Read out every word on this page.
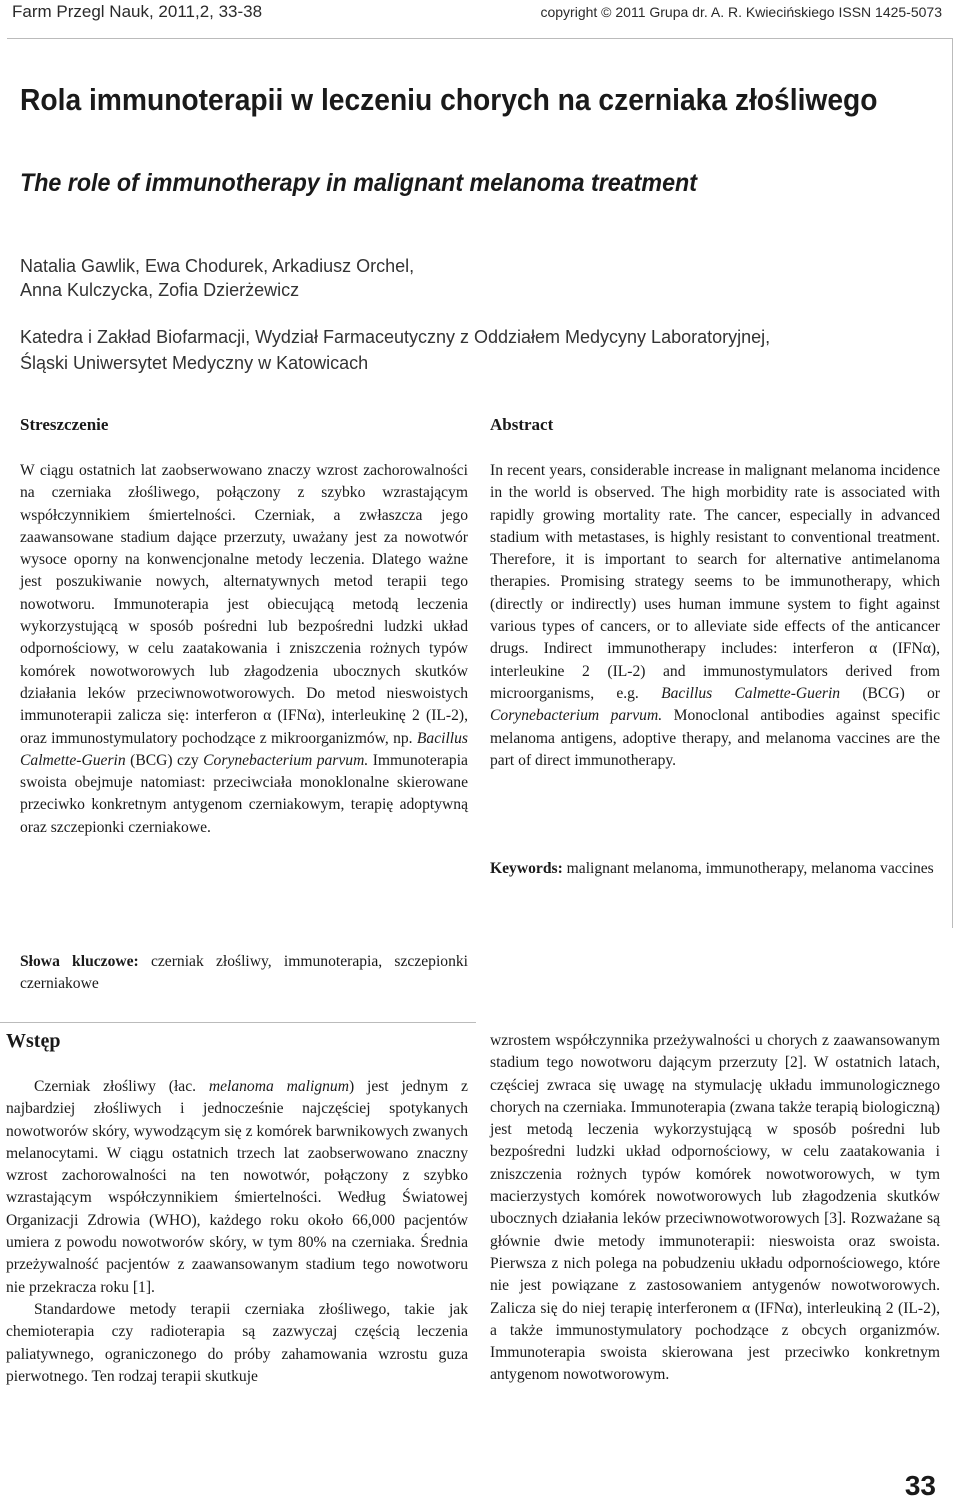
Farm Przegl Nauk, 2011,2, 33-38	copyright © 2011 Grupa dr. A. R. Kwiecińskiego ISSN 1425-5073
Rola immunoterapii w leczeniu chorych na czerniaka złośliwego
The role of immunotherapy in malignant melanoma treatment
Natalia Gawlik, Ewa Chodurek, Arkadiusz Orchel,
Anna Kulczycka, Zofia Dzierżewicz
Katedra i Zakład Biofarmacji, Wydział Farmaceutyczny z Oddziałem Medycyny Laboratoryjnej,
Śląski Uniwersytet Medyczny w Katowicach
Streszczenie

W ciągu ostatnich lat zaobserwowano znaczy wzrost zachorowalności na czerniaka złośliwego, połączony z szybko wzrastającym współczynnikiem śmiertelności. Czerniak, a zwłaszcza jego zaawansowane stadium dające przerzuty, uważany jest za nowotwór wysoce oporny na konwencjonalne metody leczenia. Dlatego ważne jest poszukiwanie nowych, alternatywnych metod terapii tego nowotworu. Immunoterapia jest obiecującą metodą leczenia wykorzystującą w sposób pośredni lub bezpośredni ludzki układ odpornościowy, w celu zaatakowania i zniszczenia rożnych typów komórek nowotworowych lub złagodzenia ubocznych skutków działania leków przeciwnowotworowych. Do metod nieswoistych immunoterapii zalicza się: interferon α (IFNα), interleukinę 2 (IL-2), oraz immunostymulatory pochodzące z mikroorganizmów, np. Bacillus Calmette-Guerin (BCG) czy Corynebacterium parvum. Immunoterapia swoista obejmuje natomiast: przeciwciała monoklonalne skierowane przeciwko konkretnym antygenom czerniakowym, terapię adoptywną oraz szczepionki czerniakowe.

Słowa kluczowe: czerniak złośliwy, immunoterapia, szczepionki czerniakowe

Abstract

In recent years, considerable increase in malignant melanoma incidence in the world is observed. The high morbidity rate is associated with rapidly growing mortality rate. The cancer, especially in advanced stadium with metastases, is highly resistant to conventional treatment. Therefore, it is important to search for alternative antimelanoma therapies. Promising strategy seems to be immunotherapy, which (directly or indirectly) uses human immune system to fight against various types of cancers, or to alleviate side effects of the anticancer drugs. Indirect immunotherapy includes: interferon α (IFNα), interleukine 2 (IL-2) and immunostymulators derived from microorganisms, e.g. Bacillus Calmette-Guerin (BCG) or Corynebacterium parvum. Monoclonal antibodies against specific melanoma antigens, adoptive therapy, and melanoma vaccines are the part of direct immunotherapy.

Keywords: malignant melanoma, immunotherapy, melanoma vaccines

Wstęp

Czerniak złośliwy (łac. melanoma malignum) jest jednym z najbardziej złośliwych i jednocześnie najczęściej spotykanych nowotworów skóry, wywodzącym się z komórek barwnikowych zwanych melanocytami. W ciągu ostatnich trzech lat zaobserwowano znaczny wzrost zachorowalności na ten nowotwór, połączony z szybko wzrastającym współczynnikiem śmiertelności. Według Światowej Organizacji Zdrowia (WHO), każdego roku około 66,000 pacjentów umiera z powodu nowotworów skóry, w tym 80% na czerniaka. Średnia przeżywalność pacjentów z zaawansowanym stadium tego nowotworu nie przekracza roku [1].

Standardowe metody terapii czerniaka złośliwego, takie jak chemioterapia czy radioterapia są zazwyczaj częścią leczenia paliatywnego, ograniczonego do próby zahamowania wzrostu guza pierwotnego. Ten rodzaj terapii skutkuje

wzrostem współczynnika przeżywalności u chorych z zaawansowanym stadium tego nowotworu dającym przerzuty [2]. W ostatnich latach, częściej zwraca się uwagę na stymulację układu immunologicznego chorych na czerniaka. Immunoterapia (zwana także terapią biologiczną) jest metodą leczenia wykorzystującą w sposób pośredni lub bezpośredni ludzki układ odpornościowy, w celu zaatakowania i zniszczenia rożnych typów komórek nowotworowych, w tym macierzystych komórek nowotworowych lub złagodzenia skutków ubocznych działania leków przeciwnowotworowych [3]. Rozważane są głównie dwie metody immunoterapii: nieswoista oraz swoista. Pierwsza z nich polega na pobudzeniu układu odpornościowego, które nie jest powiązane z zastosowaniem antygenów nowotworowych. Zalicza się do niej terapię interferonem α (IFNα), interleukiną 2 (IL-2), a także immunostymulatory pochodzące z obcych organizmów. Immunoterapia swoista skierowana jest przeciwko konkretnym antygenom nowotworowym.

33
